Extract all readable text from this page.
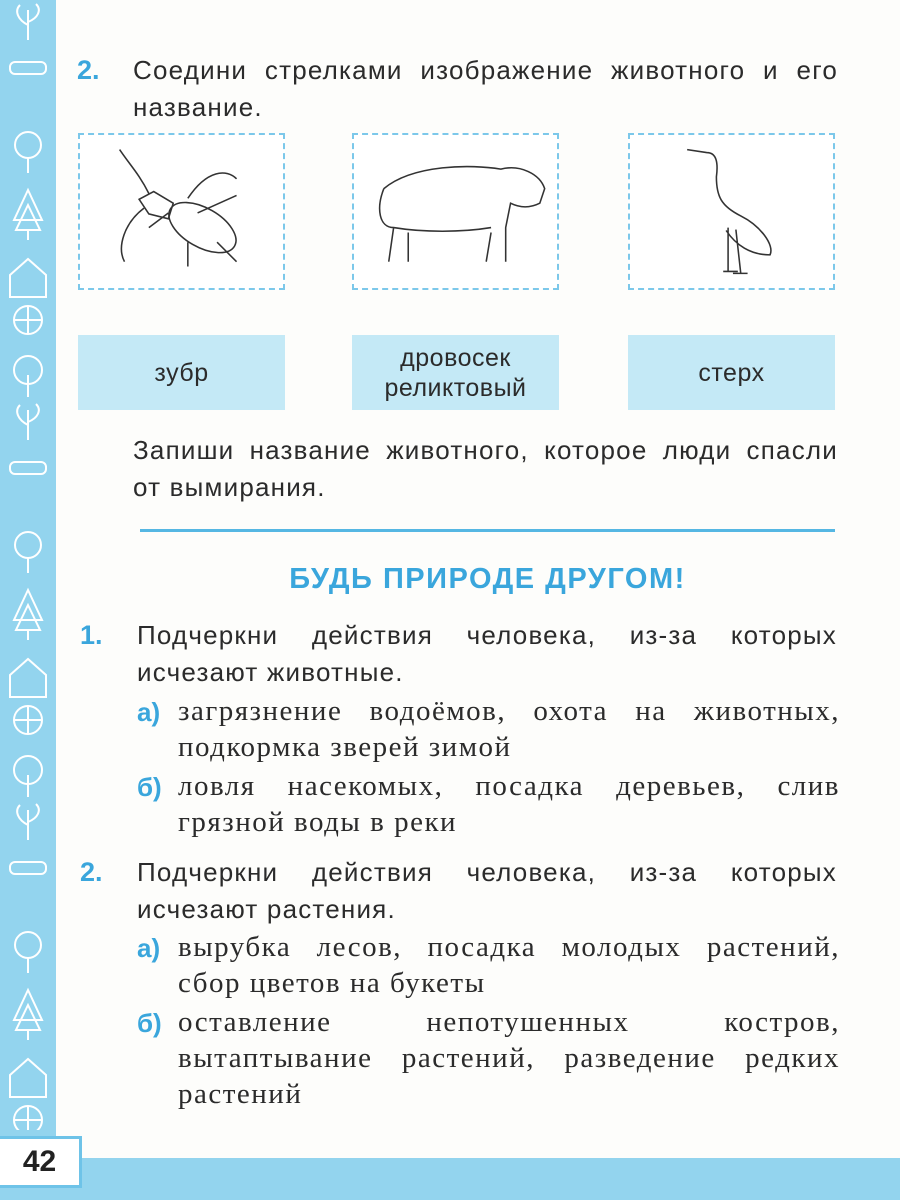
42
2. Соедини стрелками изображение животного и его название.
зубр
дровосек реликтовый
стерх
Запиши название животного, которое люди спасли от вымирания.
БУДЬ ПРИРОДЕ ДРУГОМ!
1. Подчеркни действия человека, из-за которых исчезают животные.
а) загрязнение водоёмов, охота на животных, подкормка зверей зимой
б) ловля насекомых, посадка деревьев, слив грязной воды в реки
2. Подчеркни действия человека, из-за которых исчезают растения.
а) вырубка лесов, посадка молодых растений, сбор цветов на букеты
б) оставление непотушенных костров, вытаптывание растений, разведение редких растений
